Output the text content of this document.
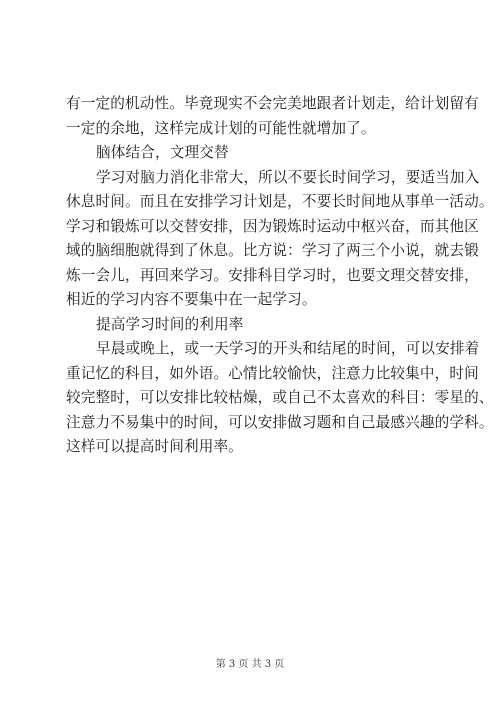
有一定的机动性。毕竟现实不会完美地跟者计划走，给计划留有
一定的余地，这样完成计划的可能性就增加了。
脑体结合，文理交替
学习对脑力消化非常大，所以不要长时间学习，要适当加入
休息时间。而且在安排学习计划是，不要长时间地从事单一活动。
学习和锻炼可以交替安排，因为锻炼时运动中枢兴奋，而其他区
域的脑细胞就得到了休息。比方说：学习了两三个小说，就去锻
炼一会儿，再回来学习。安排科目学习时，也要文理交替安排，
相近的学习内容不要集中在一起学习。
提高学习时间的利用率
早晨或晚上，或一天学习的开头和结尾的时间，可以安排着
重记忆的科目，如外语。心情比较愉快，注意力比较集中，时间
较完整时，可以安排比较枯燥，或自己不太喜欢的科目：零星的、
注意力不易集中的时间，可以安排做习题和自己最感兴趣的学科。
这样可以提高时间利用率。
第 3 页 共 3 页
